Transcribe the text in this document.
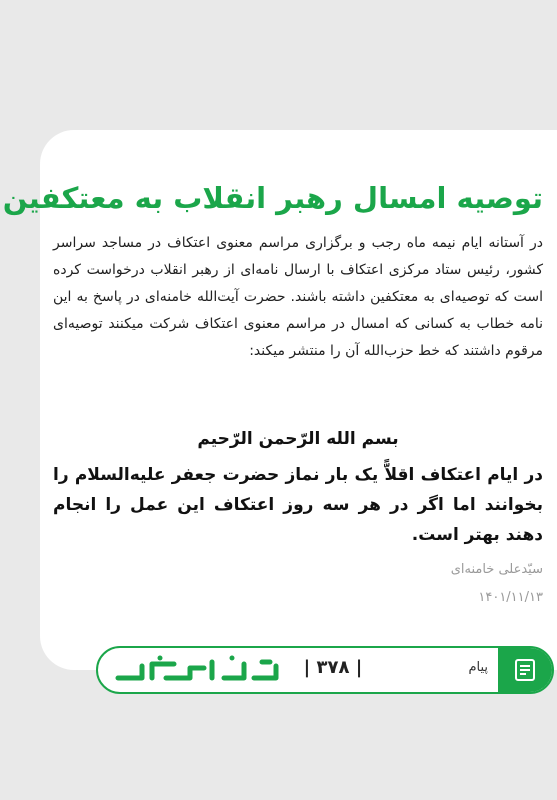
توصیه امسال رهبر انقلاب به معتکفین

در آستانه ایام نیمه ماه رجب و برگزاری مراسم معنوی اعتکاف در مساجد سراسر کشور، رئیس ستاد مرکزی اعتکاف با ارسال نامه‌ای از رهبر انقلاب درخواست کرده است که توصیه‌ای به معتکفین داشته باشند. حضرت آیت‌الله خامنه‌ای در پاسخ به این نامه خطاب به کسانی که امسال در مراسم معنوی اعتکاف شرکت میکنند توصیه‌ای مرقوم داشتند که خط حزب‌الله آن را منتشر میکند:

بسم الله الرّحمن الرّحیم

در ایام اعتکاف اقلاًّ یک بار نماز حضرت جعفر علیه‌السلام را بخوانند اما اگر در هر سه روز اعتکاف این عمل را انجام دهند بهتر است.

سیّدعلی خامنه‌ای

۱۴۰۱/۱۱/۱۳

پیام
| ۳۷۸ |
